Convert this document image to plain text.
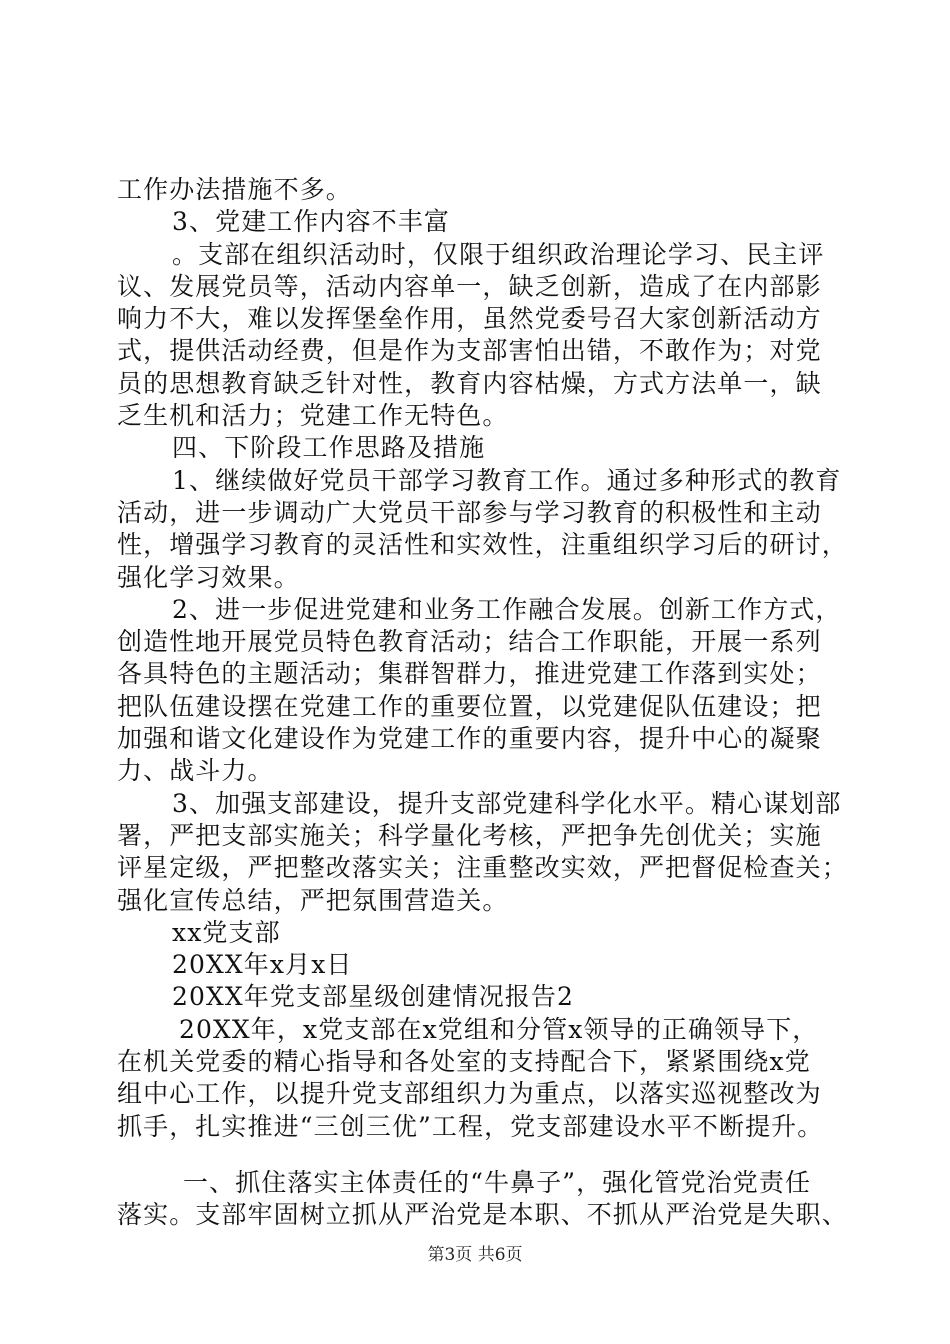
工作办法措施不多。
3、党建工作内容不丰富
。支部在组织活动时，仅限于组织政治理论学习、民主评
议、发展党员等，活动内容单一，缺乏创新，造成了在内部影
响力不大，难以发挥堡垒作用，虽然党委号召大家创新活动方
式，提供活动经费，但是作为支部害怕出错，不敢作为；对党
员的思想教育缺乏针对性，教育内容枯燥，方式方法单一，缺
乏生机和活力；党建工作无特色。
四、下阶段工作思路及措施
1、继续做好党员干部学习教育工作。通过多种形式的教育
活动，进一步调动广大党员干部参与学习教育的积极性和主动
性，增强学习教育的灵活性和实效性，注重组织学习后的研讨，
强化学习效果。
2、进一步促进党建和业务工作融合发展。创新工作方式，
创造性地开展党员特色教育活动；结合工作职能，开展一系列
各具特色的主题活动；集群智群力，推进党建工作落到实处；
把队伍建设摆在党建工作的重要位置，以党建促队伍建设；把
加强和谐文化建设作为党建工作的重要内容，提升中心的凝聚
力、战斗力。
3、加强支部建设，提升支部党建科学化水平。精心谋划部
署，严把支部实施关；科学量化考核，严把争先创优关；实施
评星定级，严把整改落实关；注重整改实效，严把督促检查关；
强化宣传总结，严把氛围营造关。
xx党支部
20XX年x月x日
20XX年党支部星级创建情况报告2
20XX年，x党支部在x党组和分管x领导的正确领导下，
在机关党委的精心指导和各处室的支持配合下，紧紧围绕x党
组中心工作，以提升党支部组织力为重点，以落实巡视整改为
抓手，扎实推进“三创三优”工程，党支部建设水平不断提升。
一、抓住落实主体责任的“牛鼻子”，强化管党治党责任
落实。支部牢固树立抓从严治党是本职、不抓从严治党是失职、
第3页 共6页
